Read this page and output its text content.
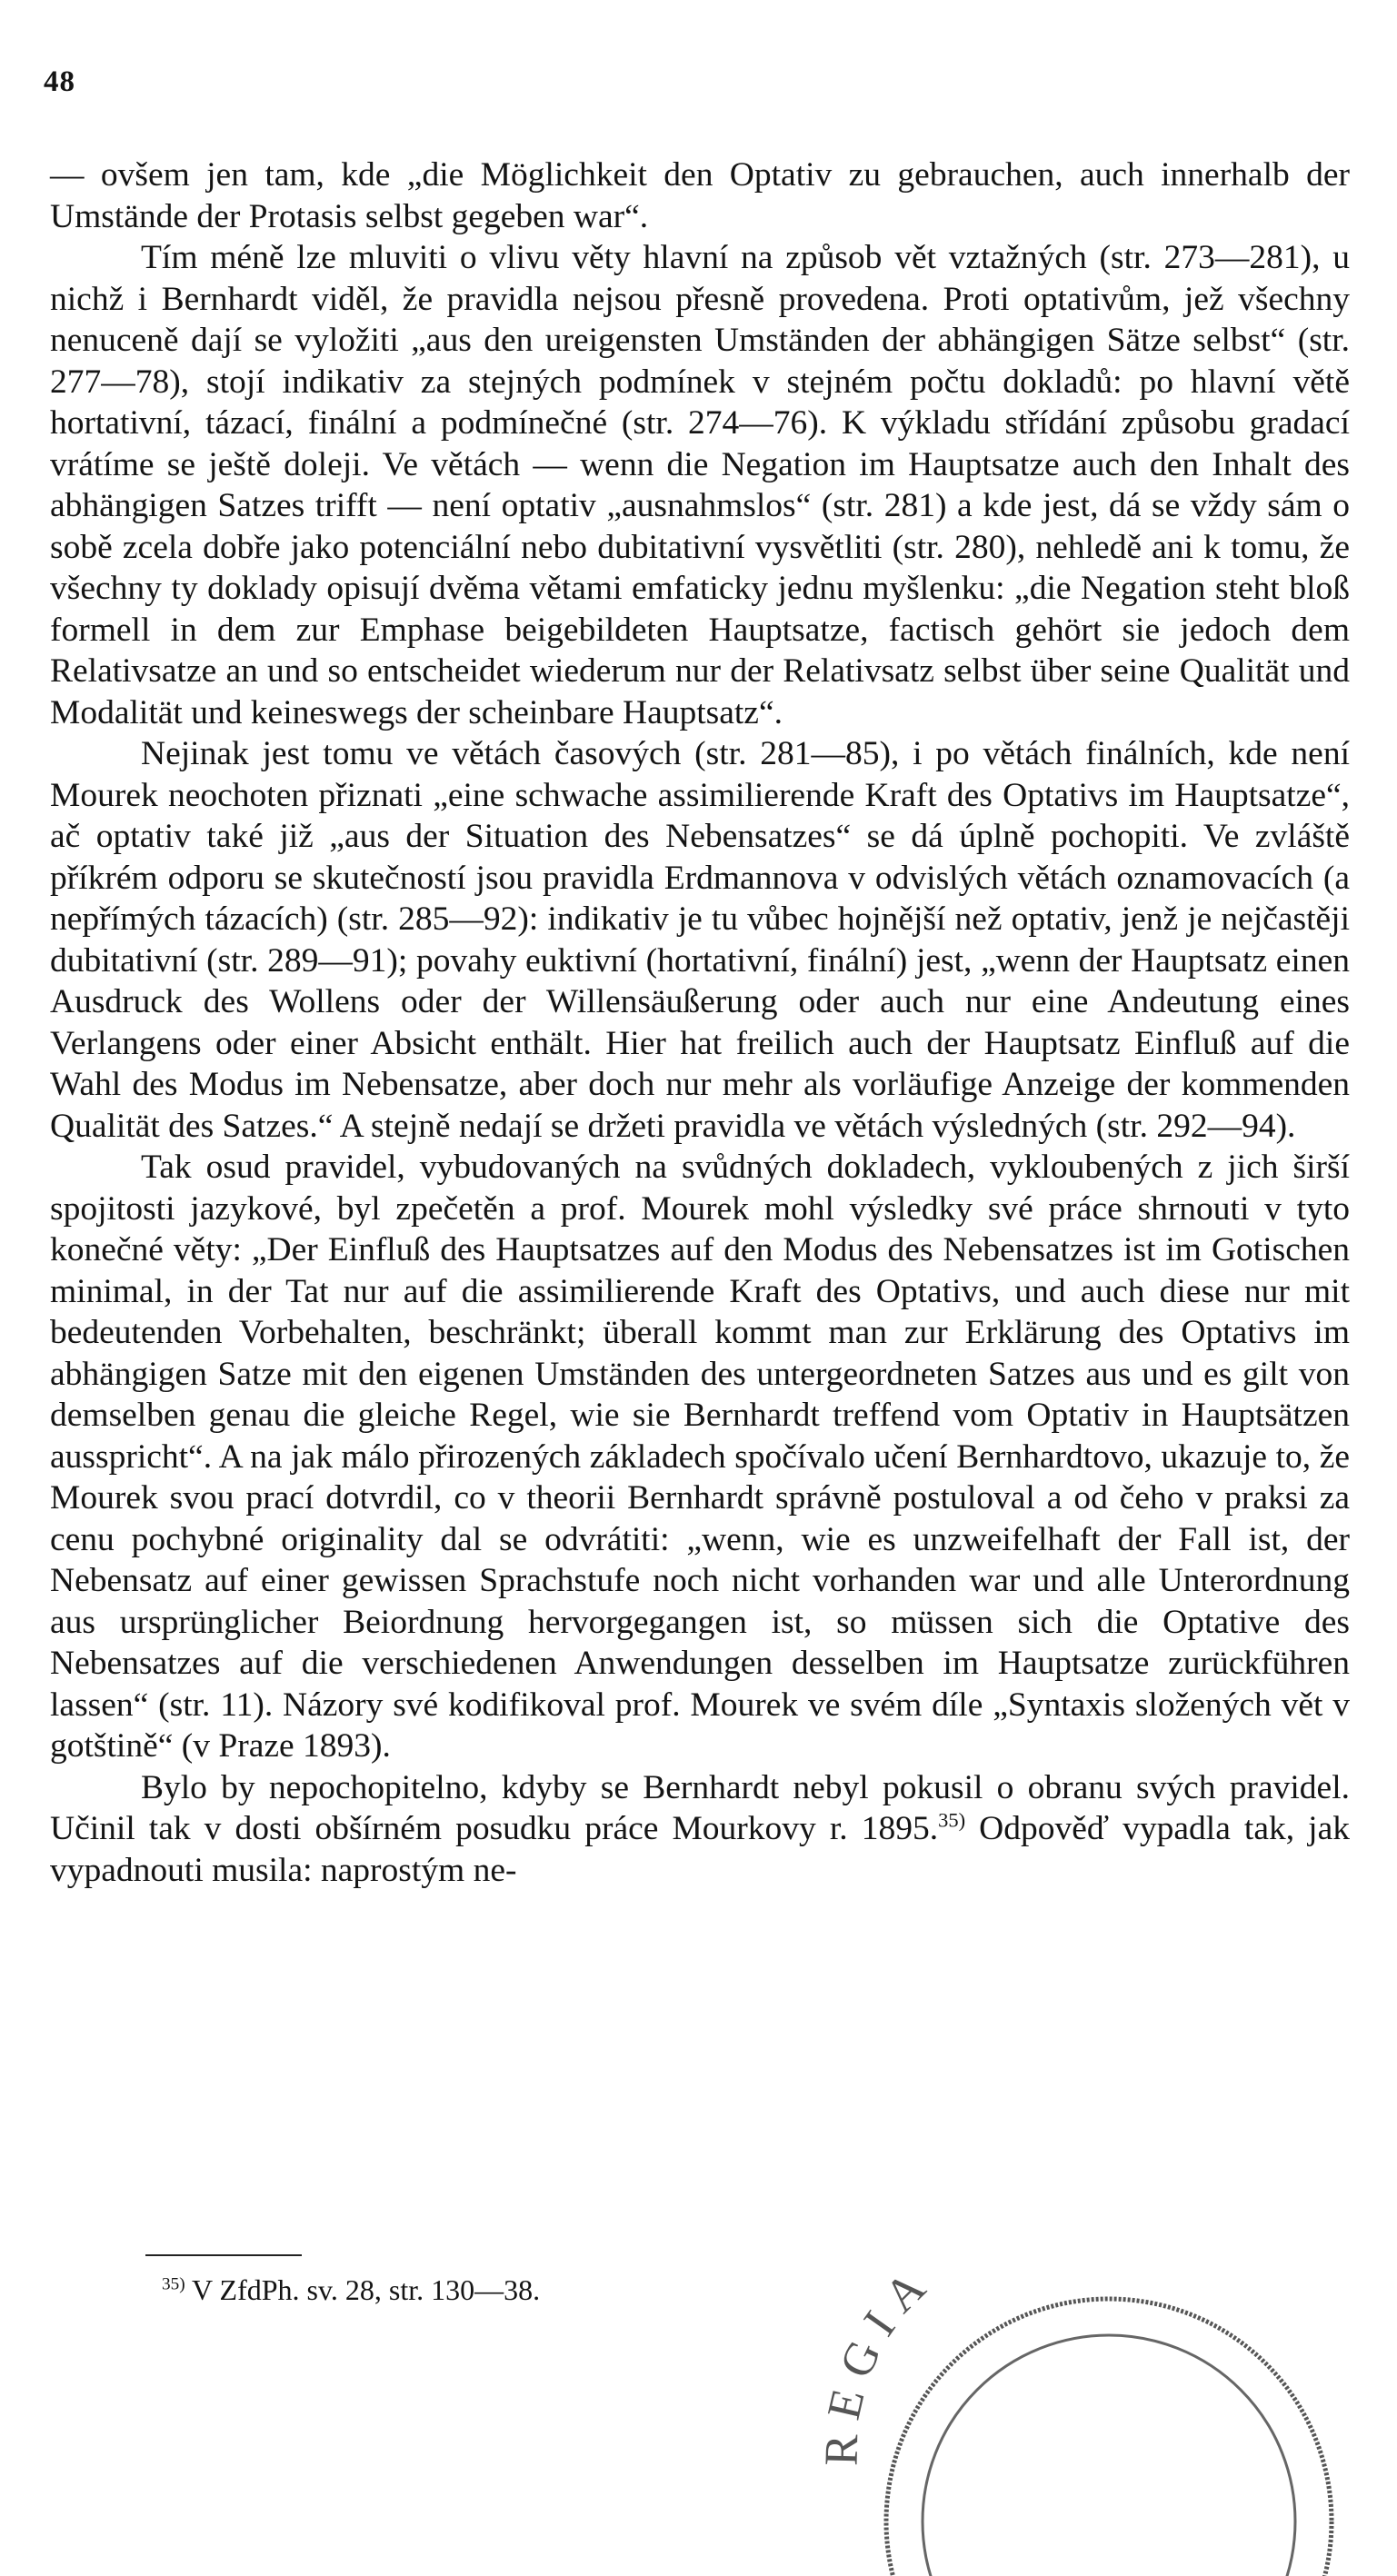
48

— ovšem jen tam, kde „die Möglichkeit den Optativ zu gebrauchen, auch innerhalb der Umstände der Protasis selbst gegeben war“.

Tím méně lze mluviti o vlivu věty hlavní na způsob vět vztažných (str. 273—281), u nichž i Bernhardt viděl, že pravidla nejsou přesně provedena. Proti optativům, jež všechny nenuceně dají se vyložiti „aus den ureigensten Umständen der abhängigen Sätze selbst“ (str. 277—78), stojí indikativ za stejných podmínek v stejném počtu dokladů: po hlavní větě hortativní, tázací, finální a podmínečné (str. 274—76). K výkladu střídání způsobu gradací vrátíme se ještě doleji. Ve větách — wenn die Negation im Hauptsatze auch den Inhalt des abhängigen Satzes trifft — není optativ „ausnahmslos“ (str. 281) a kde jest, dá se vždy sám o sobě zcela dobře jako potenciální nebo dubitativní vysvětliti (str. 280), nehledě ani k tomu, že všechny ty doklady opisují dvěma větami emfaticky jednu myšlenku: „die Negation steht bloß formell in dem zur Emphase beigebildeten Hauptsatze, factisch gehört sie jedoch dem Relativsatze an und so entscheidet wiederum nur der Relativsatz selbst über seine Qualität und Modalität und keineswegs der scheinbare Hauptsatz“.

Nejinak jest tomu ve větách časových (str. 281—85), i po větách finálních, kde není Mourek neochoten přiznati „eine schwache assimilierende Kraft des Optativs im Hauptsatze“, ač optativ také již „aus der Situation des Nebensatzes“ se dá úplně pochopiti. Ve zvláště příkrém odporu se skutečností jsou pravidla Erdmannova v odvislých větách oznamovacích (a nepřímých tázacích) (str. 285—92): indikativ je tu vůbec hojnější než optativ, jenž je nejčastěji dubitativní (str. 289—91); povahy euktivní (hortativní, finální) jest, „wenn der Hauptsatz einen Ausdruck des Wollens oder der Willensäußerung oder auch nur eine Andeutung eines Verlangens oder einer Absicht enthält. Hier hat freilich auch der Hauptsatz Einfluß auf die Wahl des Modus im Nebensatze, aber doch nur mehr als vorläufige Anzeige der kommenden Qualität des Satzes.“ A stejně nedají se držeti pravidla ve větách výsledných (str. 292—94).

Tak osud pravidel, vybudovaných na svůdných dokladech, vykloubených z jich širší spojitosti jazykové, byl zpečetěn a prof. Mourek mohl výsledky své práce shrnouti v tyto konečné věty: „Der Einfluß des Hauptsatzes auf den Modus des Nebensatzes ist im Gotischen minimal, in der Tat nur auf die assimilierende Kraft des Optativs, und auch diese nur mit bedeutenden Vorbehalten, beschränkt; überall kommt man zur Erklärung des Optativs im abhängigen Satze mit den eigenen Umständen des untergeordneten Satzes aus und es gilt von demselben genau die gleiche Regel, wie sie Bernhardt treffend vom Optativ in Hauptsätzen ausspricht“. A na jak málo přirozených základech spočívalo učení Bernhardtovo, ukazuje to, že Mourek svou prací dotvrdil, co v theorii Bernhardt správně postuloval a od čeho v praksi za cenu pochybné originality dal se odvrátiti: „wenn, wie es unzweifelhaft der Fall ist, der Nebensatz auf einer gewissen Sprachstufe noch nicht vorhanden war und alle Unterordnung aus ursprünglicher Beiordnung hervorgegangen ist, so müssen sich die Optative des Nebensatzes auf die verschiedenen Anwendungen desselben im Hauptsatze zurückführen lassen“ (str. 11). Názory své kodifikoval prof. Mourek ve svém díle „Syntaxis složených vět v gotštině“ (v Praze 1893).

Bylo by nepochopitelno, kdyby se Bernhardt nebyl pokusil o obranu svých pravidel. Učinil tak v dosti obšírném posudku práce Mourkovy r. 1895.$^{35)}$ Odpověď vypadla tak, jak vypadnouti musila: naprostým ne-

$^{35)}$ V ZfdPh. sv. 28, str. 130—38.
REGIA
